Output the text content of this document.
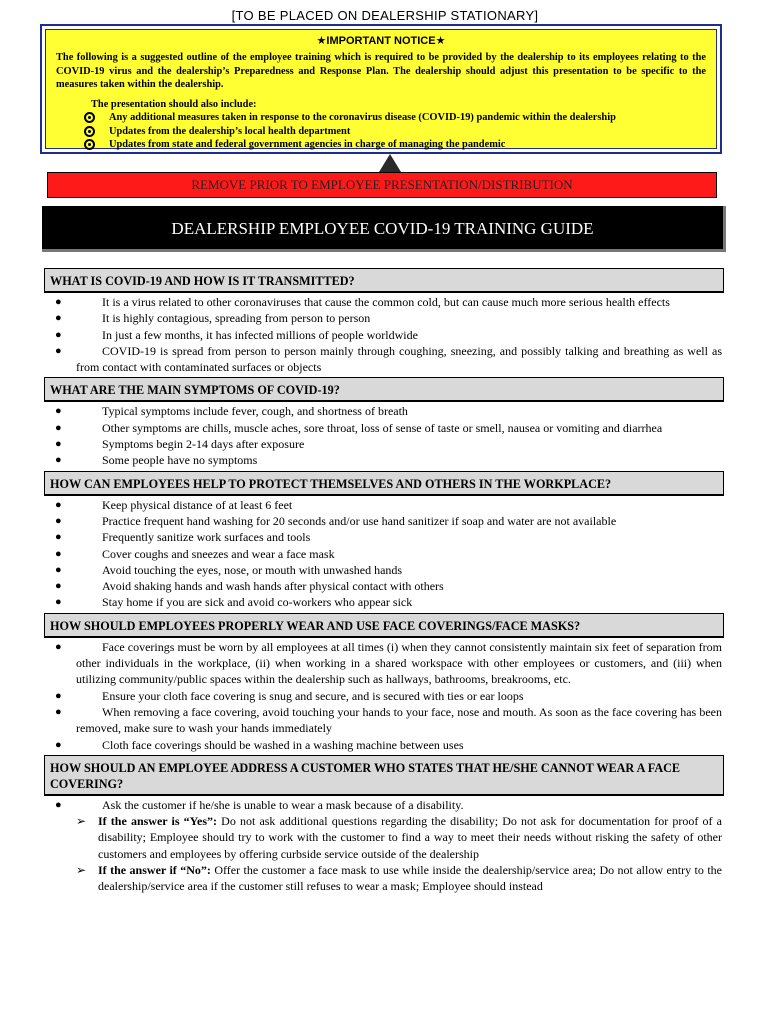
[TO BE PLACED ON DEALERSHIP STATIONARY]
★IMPORTANT NOTICE★
The following is a suggested outline of the employee training which is required to be provided by the dealership to its employees relating to the COVID-19 virus and the dealership’s Preparedness and Response Plan. The dealership should adjust this presentation to be specific to the measures taken within the dealership.
The presentation should also include:
Any additional measures taken in response to the coronavirus disease (COVID-19) pandemic within the dealership
Updates from the dealership’s local health department
Updates from state and federal government agencies in charge of managing the pandemic
REMOVE PRIOR TO EMPLOYEE PRESENTATION/DISTRIBUTION
DEALERSHIP EMPLOYEE COVID-19 TRAINING GUIDE
WHAT IS COVID-19 AND HOW IS IT TRANSMITTED?
●	It is a virus related to other coronaviruses that cause the common cold, but can cause much more serious health effects
●	It is highly contagious, spreading from person to person
●	In just a few months, it has infected millions of people worldwide
●	COVID-19 is spread from person to person mainly through coughing, sneezing, and possibly talking and breathing as well as from contact with contaminated surfaces or objects
WHAT ARE THE MAIN SYMPTOMS OF COVID-19?
●	Typical symptoms include fever, cough, and shortness of breath
●	Other symptoms are chills, muscle aches, sore throat, loss of sense of taste or smell, nausea or vomiting and diarrhea
●	Symptoms begin 2-14 days after exposure
●	Some people have no symptoms
HOW CAN EMPLOYEES HELP TO PROTECT THEMSELVES AND OTHERS IN THE WORKPLACE?
●	Keep physical distance of at least 6 feet
●	Practice frequent hand washing for 20 seconds and/or use hand sanitizer if soap and water are not available
●	Frequently sanitize work surfaces and tools
●	Cover coughs and sneezes and wear a face mask
●	Avoid touching the eyes, nose, or mouth with unwashed hands
●	Avoid shaking hands and wash hands after physical contact with others
●	Stay home if you are sick and avoid co-workers who appear sick
HOW SHOULD EMPLOYEES PROPERLY WEAR AND USE FACE COVERINGS/FACE MASKS?
●	Face coverings must be worn by all employees at all times (i) when they cannot consistently maintain six feet of separation from other individuals in the workplace, (ii) when working in a shared workspace with other employees or customers, and (iii) when utilizing community/public spaces within the dealership such as hallways, bathrooms, breakrooms, etc.
●	Ensure your cloth face covering is snug and secure, and is secured with ties or ear loops
●	When removing a face covering, avoid touching your hands to your face, nose and mouth. As soon as the face covering has been removed, make sure to wash your hands immediately
●	Cloth face coverings should be washed in a washing machine between uses
HOW SHOULD AN EMPLOYEE ADDRESS A CUSTOMER WHO STATES THAT HE/SHE CANNOT WEAR A FACE COVERING?
●	Ask the customer if he/she is unable to wear a mask because of a disability.
➢ If the answer is “Yes”: Do not ask additional questions regarding the disability; Do not ask for documentation for proof of a disability; Employee should try to work with the customer to find a way to meet their needs without risking the safety of other customers and employees by offering curbside service outside of the dealership
➢ If the answer if “No”: Offer the customer a face mask to use while inside the dealership/service area; Do not allow entry to the dealership/service area if the customer still refuses to wear a mask; Employee should instead
